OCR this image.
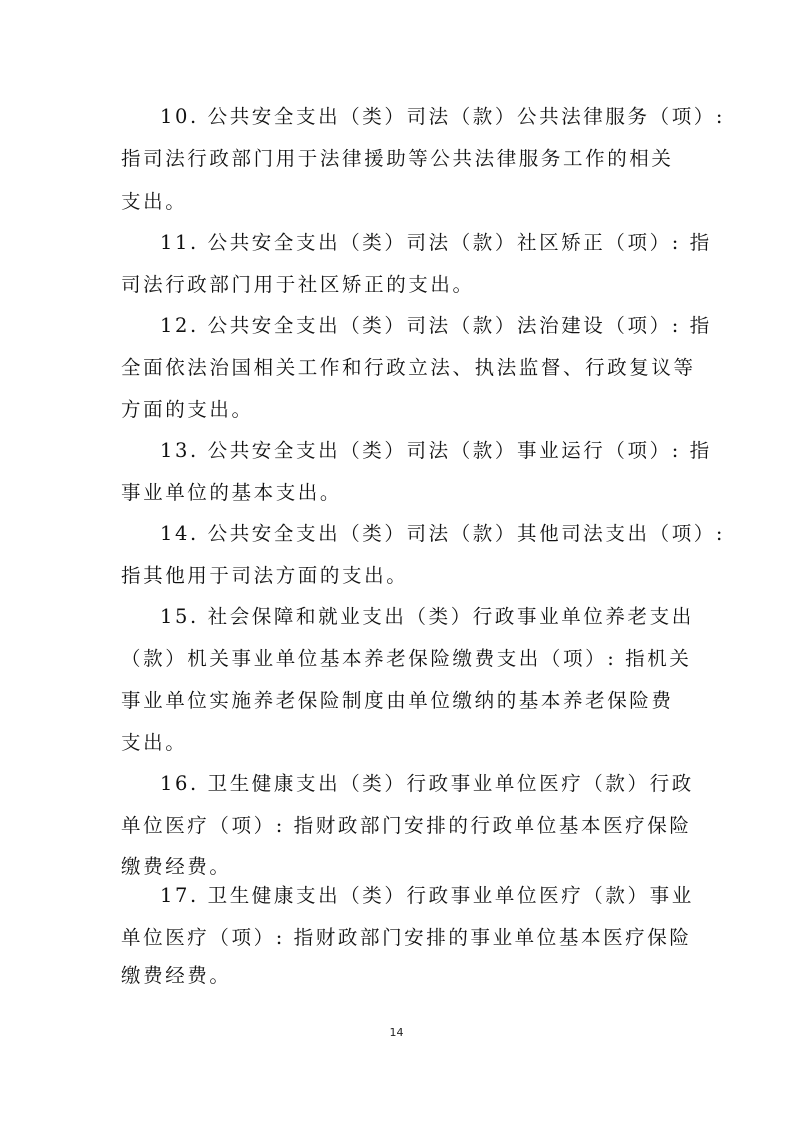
10. 公共安全支出（类）司法（款）公共法律服务（项）:
指司法行政部门用于法律援助等公共法律服务工作的相关
支出。
11. 公共安全支出（类）司法（款）社区矫正（项）: 指
司法行政部门用于社区矫正的支出。
12. 公共安全支出（类）司法（款）法治建设（项）: 指
全面依法治国相关工作和行政立法、执法监督、行政复议等
方面的支出。
13. 公共安全支出（类）司法（款）事业运行（项）: 指
事业单位的基本支出。
14. 公共安全支出（类）司法（款）其他司法支出（项）:
指其他用于司法方面的支出。
15. 社会保障和就业支出（类）行政事业单位养老支出
（款）机关事业单位基本养老保险缴费支出（项）: 指机关
事业单位实施养老保险制度由单位缴纳的基本养老保险费
支出。
16. 卫生健康支出（类）行政事业单位医疗（款）行政
单位医疗（项）: 指财政部门安排的行政单位基本医疗保险
缴费经费。
17. 卫生健康支出（类）行政事业单位医疗（款）事业
单位医疗（项）: 指财政部门安排的事业单位基本医疗保险
缴费经费。
14
